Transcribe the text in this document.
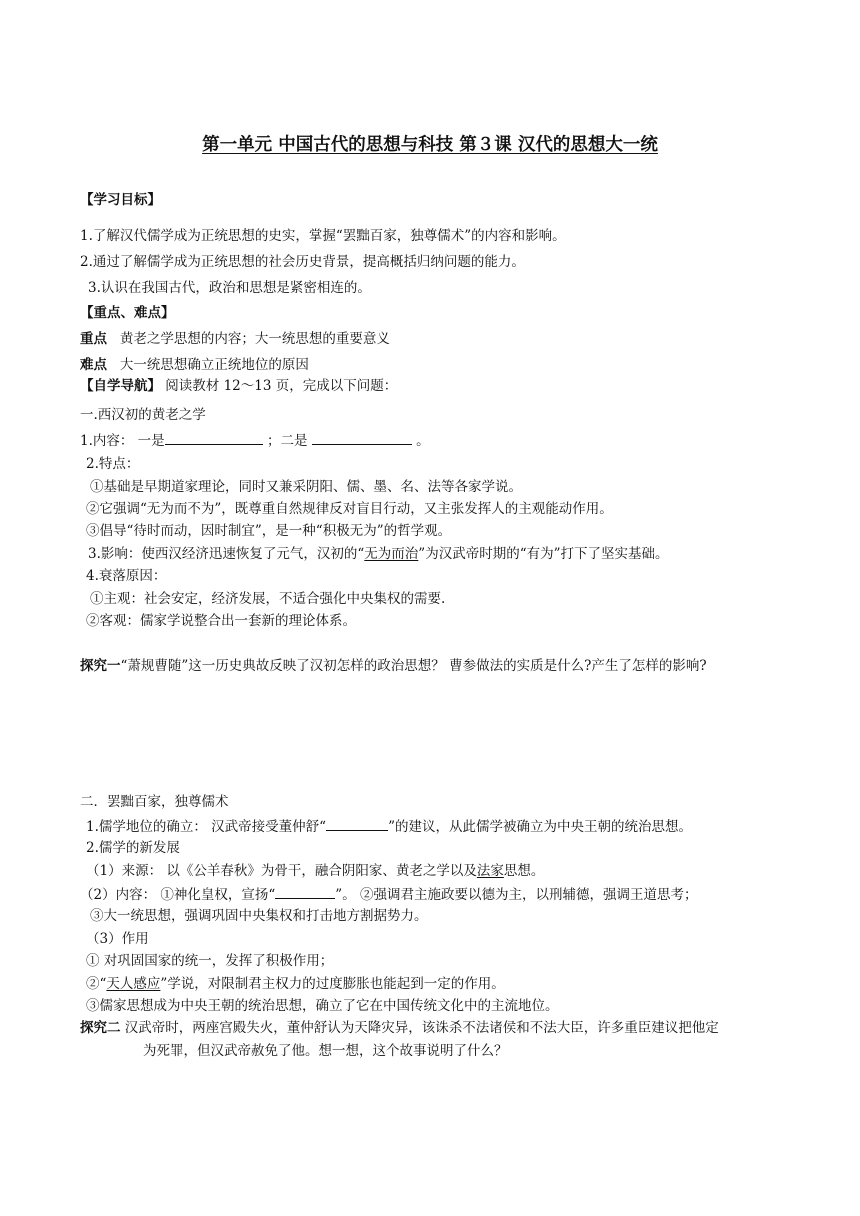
第一单元 中国古代的思想与科技 第３课 汉代的思想大一统
【学习目标】
1.了解汉代儒学成为正统思想的史实，掌握“罢黜百家，独尊儒术”的内容和影响。
2.通过了解儒学成为正统思想的社会历史背景，提高概括归纳问题的能力。
3.认识在我国古代，政治和思想是紧密相连的。
【重点、难点】
重点 黄老之学思想的内容；大一统思想的重要意义
难点 大一统思想确立正统地位的原因
【自学导航】 阅读教材 12～13 页，完成以下问题：
一.西汉初的黄老之学
1.内容： 一是	；二是	。
2.特点：
①基础是早期道家理论，同时又兼采阴阳、儒、墨、名、法等各家学说。
②它强调“无为而不为”，既尊重自然规律反对盲目行动，又主张发挥人的主观能动作用。
③倡导“待时而动，因时制宜”，是一种“积极无为”的哲学观。
3.影响：使西汉经济迅速恢复了元气，汉初的“无为而治”为汉武帝时期的“有为”打下了坚实基础。
4.衰落原因：
①主观：社会安定，经济发展，不适合强化中央集权的需要.
②客观：儒家学说整合出一套新的理论体系。
探究一“萧规曹随”这一历史典故反映了汉初怎样的政治思想？ 曹参做法的实质是什么?产生了怎样的影响?
二．罢黜百家，独尊儒术
1.儒学地位的确立： 汉武帝接受董仲舒“	”的建议，从此儒学被确立为中央王朝的统治思想。
2.儒学的新发展
（1）来源： 以《公羊春秋》为骨干，融合阴阳家、黄老之学以及法家思想。
（2）内容： ①神化皇权，宣扬“	”。 ②强调君主施政要以德为主，以刑辅德，强调王道思考；
③大一统思想，强调巩固中央集权和打击地方割据势力。
（3）作用
① 对巩固国家的统一，发挥了积极作用；
②“天人感应”学说，对限制君主权力的过度膨胀也能起到一定的作用。
③儒家思想成为中央王朝的统治思想，确立了它在中国传统文化中的主流地位。
探究二 汉武帝时，两座宫殿失火，董仲舒认为天降灾异，该诛杀不法诸侯和不法大臣，许多重臣建议把他定
为死罪，但汉武帝赦免了他。想一想，这个故事说明了什么？
